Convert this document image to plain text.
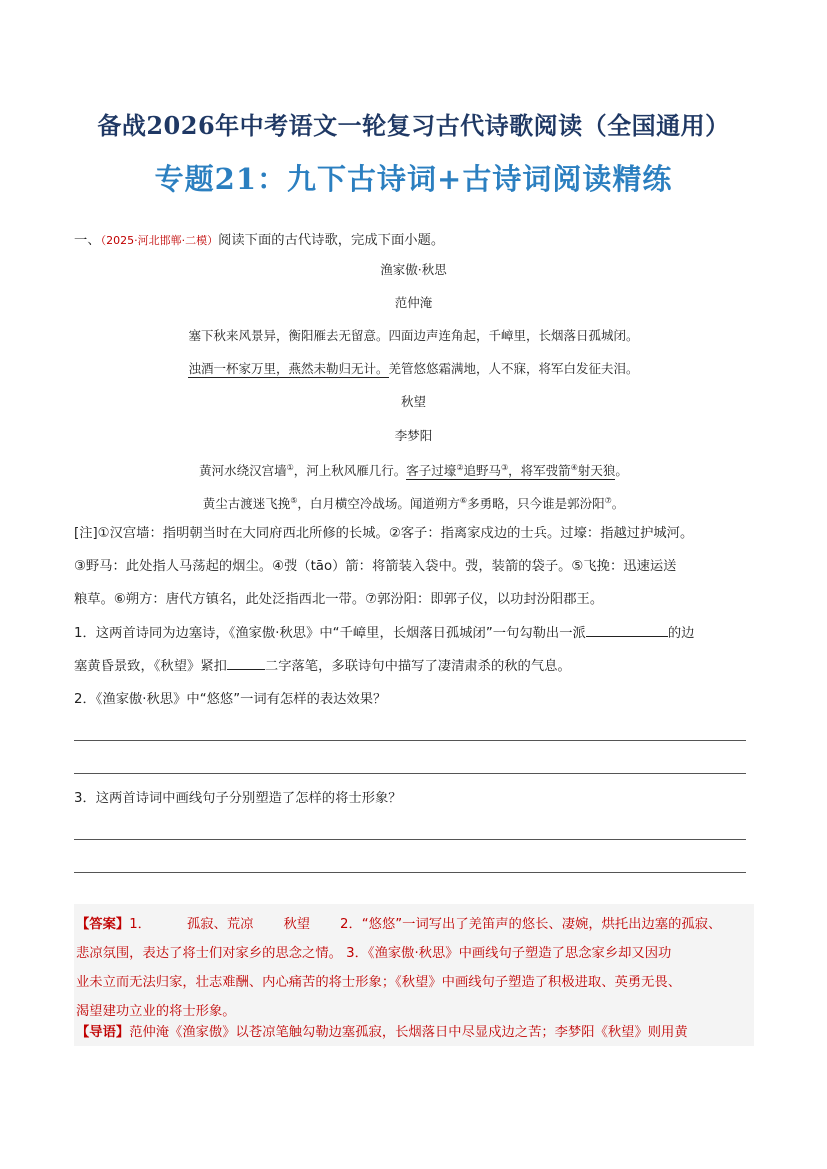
备战2026年中考语文一轮复习古代诗歌阅读（全国通用）
专题21：九下古诗词+古诗词阅读精练
一、（2025·河北邯郸·二模）阅读下面的古代诗歌，完成下面小题。
渔家傲·秋思
范仲淹
塞下秋来风景异，衡阳雁去无留意。四面边声连角起，千嶂里，长烟落日孤城闭。
浊酒一杯家万里，燕然未勒归无计。羌管悠悠霜满地，人不寐，将军白发征夫泪。
秋望
李梦阳
黄河水绕汉宫墙①，河上秋风雁几行。客子过壕②追野马③，将军弢箭④射天狼。
黄尘古渡迷飞挽⑤，白月横空冷战场。闻道朔方⑥多勇略，只今谁是郭汾阳⑦。
[注]①汉宫墙：指明朝当时在大同府西北所修的长城。②客子：指离家戍边的士兵。过壕：指越过护城河。
③野马：此处指人马荡起的烟尘。④弢（tāo）箭：将箭装入袋中。弢，装箭的袋子。⑤飞挽：迅速运送
粮草。⑥朔方：唐代方镇名，此处泛指西北一带。⑦郭汾阳：即郭子仪，以功封汾阳郡王。
1．这两首诗同为边塞诗，《渔家傲·秋思》中“千嶂里，长烟落日孤城闭”一句勾勒出一派	的边
塞黄昏景致，《秋望》紧扣	二字落笔，多联诗句中描写了凄清肃杀的秋的气息。
2．《渔家傲·秋思》中“悠悠”一词有怎样的表达效果？
3．这两首诗词中画线句子分别塑造了怎样的将士形象？
【答案】1．	孤寂、荒凉 秋望 2．“悠悠”一词写出了羌笛声的悠长、凄婉，烘托出边塞的孤寂、
悲凉氛围，表达了将士们对家乡的思念之情。 3．《渔家傲·秋思》中画线句子塑造了思念家乡却又因功
业未立而无法归家，壮志难酬、内心痛苦的将士形象；《秋望》中画线句子塑造了积极进取、英勇无畏、
渴望建功立业的将士形象。
【导语】范仲淹《渔家傲》以苍凉笔触勾勒边塞孤寂，长烟落日中尽显戍边之苦；李梦阳《秋望》则用黄
